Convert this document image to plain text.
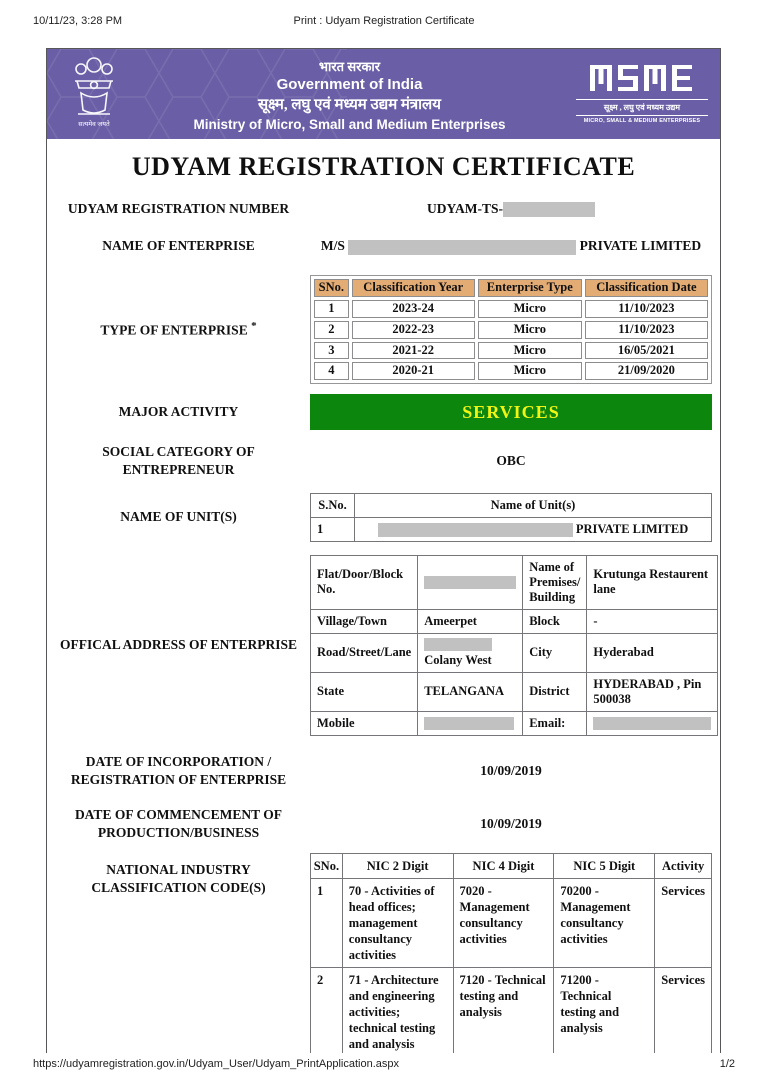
10/11/23, 3:28 PM	Print : Udyam Registration Certificate
सत्यमेव जयते
भारत सरकार
Government of India
सूक्ष्म, लघु एवं मध्यम उद्यम मंत्रालय
Ministry of Micro, Small and Medium Enterprises
सूक्ष्म , लघु एवं मध्यम उद्यम
MICRO, SMALL & MEDIUM ENTERPRISES
UDYAM REGISTRATION CERTIFICATE
UDYAM REGISTRATION NUMBER	UDYAM-TS-
NAME OF ENTERPRISE	M/S	PRIVATE LIMITED
TYPE OF ENTERPRISE *
SNo.	Classification Year	Enterprise Type	Classification Date
1	2023-24	Micro	11/10/2023
2	2022-23	Micro	11/10/2023
3	2021-22	Micro	16/05/2021
4	2020-21	Micro	21/09/2020
MAJOR ACTIVITY	SERVICES
SOCIAL CATEGORY OF ENTREPRENEUR
OBC
NAME OF UNIT(S)
S.No.	Name of Unit(s)
1	PRIVATE LIMITED
OFFICAL ADDRESS OF ENTERPRISE
Flat/Door/Block No.		Name of Premises/ Building	Krutunga Restaurent lane
Village/Town	Ameerpet	Block	-
Road/Street/Lane	Colany West	City	Hyderabad
State	TELANGANA	District	HYDERABAD , Pin 500038
Mobile		Email:	
DATE OF INCORPORATION / REGISTRATION OF ENTERPRISE
10/09/2019
DATE OF COMMENCEMENT OF PRODUCTION/BUSINESS
10/09/2019
NATIONAL INDUSTRY CLASSIFICATION CODE(S)
SNo.	NIC 2 Digit	NIC 4 Digit	NIC 5 Digit	Activity
1	70 - Activities of head offices; management consultancy activities	7020 - Management consultancy activities	70200 - Management consultancy activities	Services
2	71 - Architecture and engineering activities; technical testing and analysis	7120 - Technical testing and analysis	71200 - Technical testing and analysis	Services

https://udyamregistration.gov.in/Udyam_User/Udyam_PrintApplication.aspx	1/2
